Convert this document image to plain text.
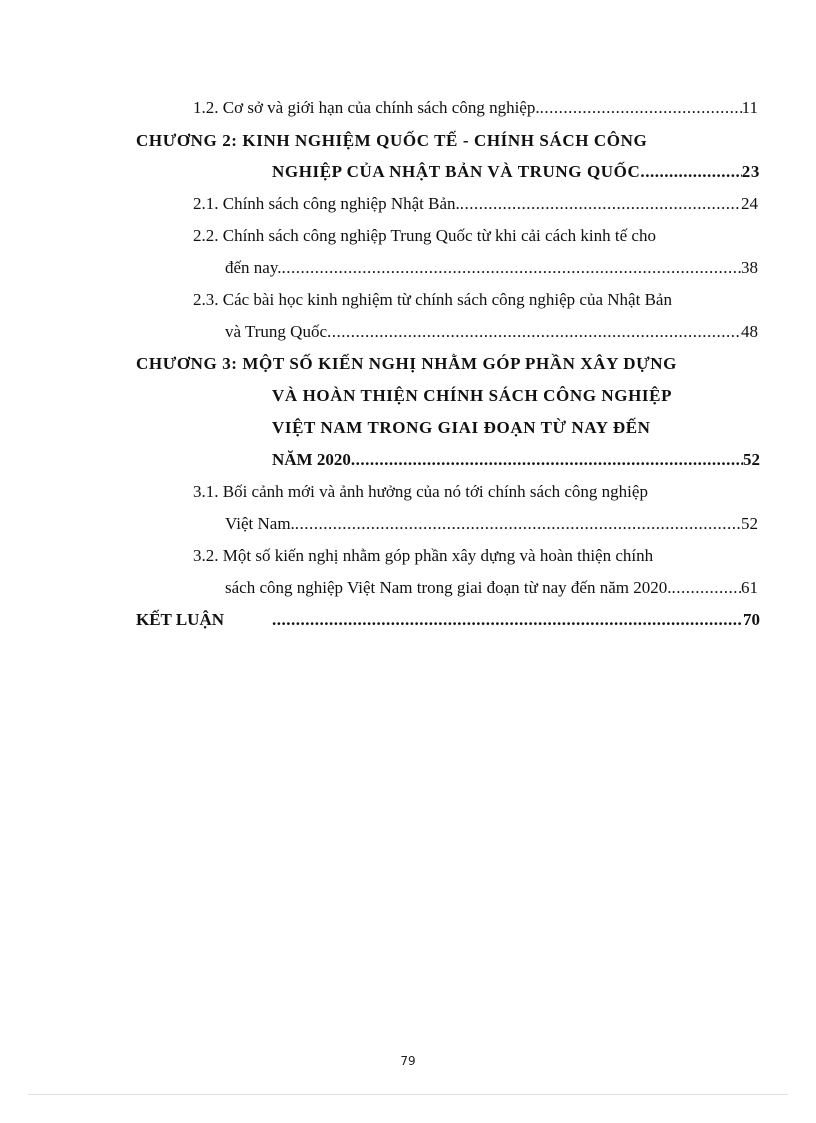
1.2. Cơ sở và giới hạn của chính sách công nghiệp. .....	11
CHƯƠNG 2: KINH NGHIỆM QUỐC TẾ - CHÍNH SÁCH CÔNG
NGHIỆP CỦA NHẬT BẢN VÀ TRUNG QUỐC. .....	23
2.1. Chính sách công nghiệp Nhật Bản. .....	24
2.2. Chính sách công nghiệp Trung Quốc từ khi cải cách kinh tế cho
đến nay. .....	38
2.3. Các bài học kinh nghiệm từ chính sách công nghiệp của Nhật Bản
và Trung Quốc .....	48
CHƯƠNG 3: MỘT SỐ KIẾN NGHỊ NHẰM GÓP PHẦN XÂY DỰNG
VÀ HOÀN THIỆN CHÍNH SÁCH CÔNG NGHIỆP
VIỆT NAM TRONG GIAI ĐOẠN TỪ NAY ĐẾN
NĂM 2020 .....	52
3.1. Bối cảnh mới và ảnh hưởng của nó tới chính sách công nghiệp
Việt Nam. .....	52
3.2. Một số kiến nghị nhằm góp phần xây dựng và hoàn thiện chính
sách công nghiệp Việt Nam trong giai đoạn từ nay đến năm 2020. .....	61
KẾT LUẬN .....	70
79
